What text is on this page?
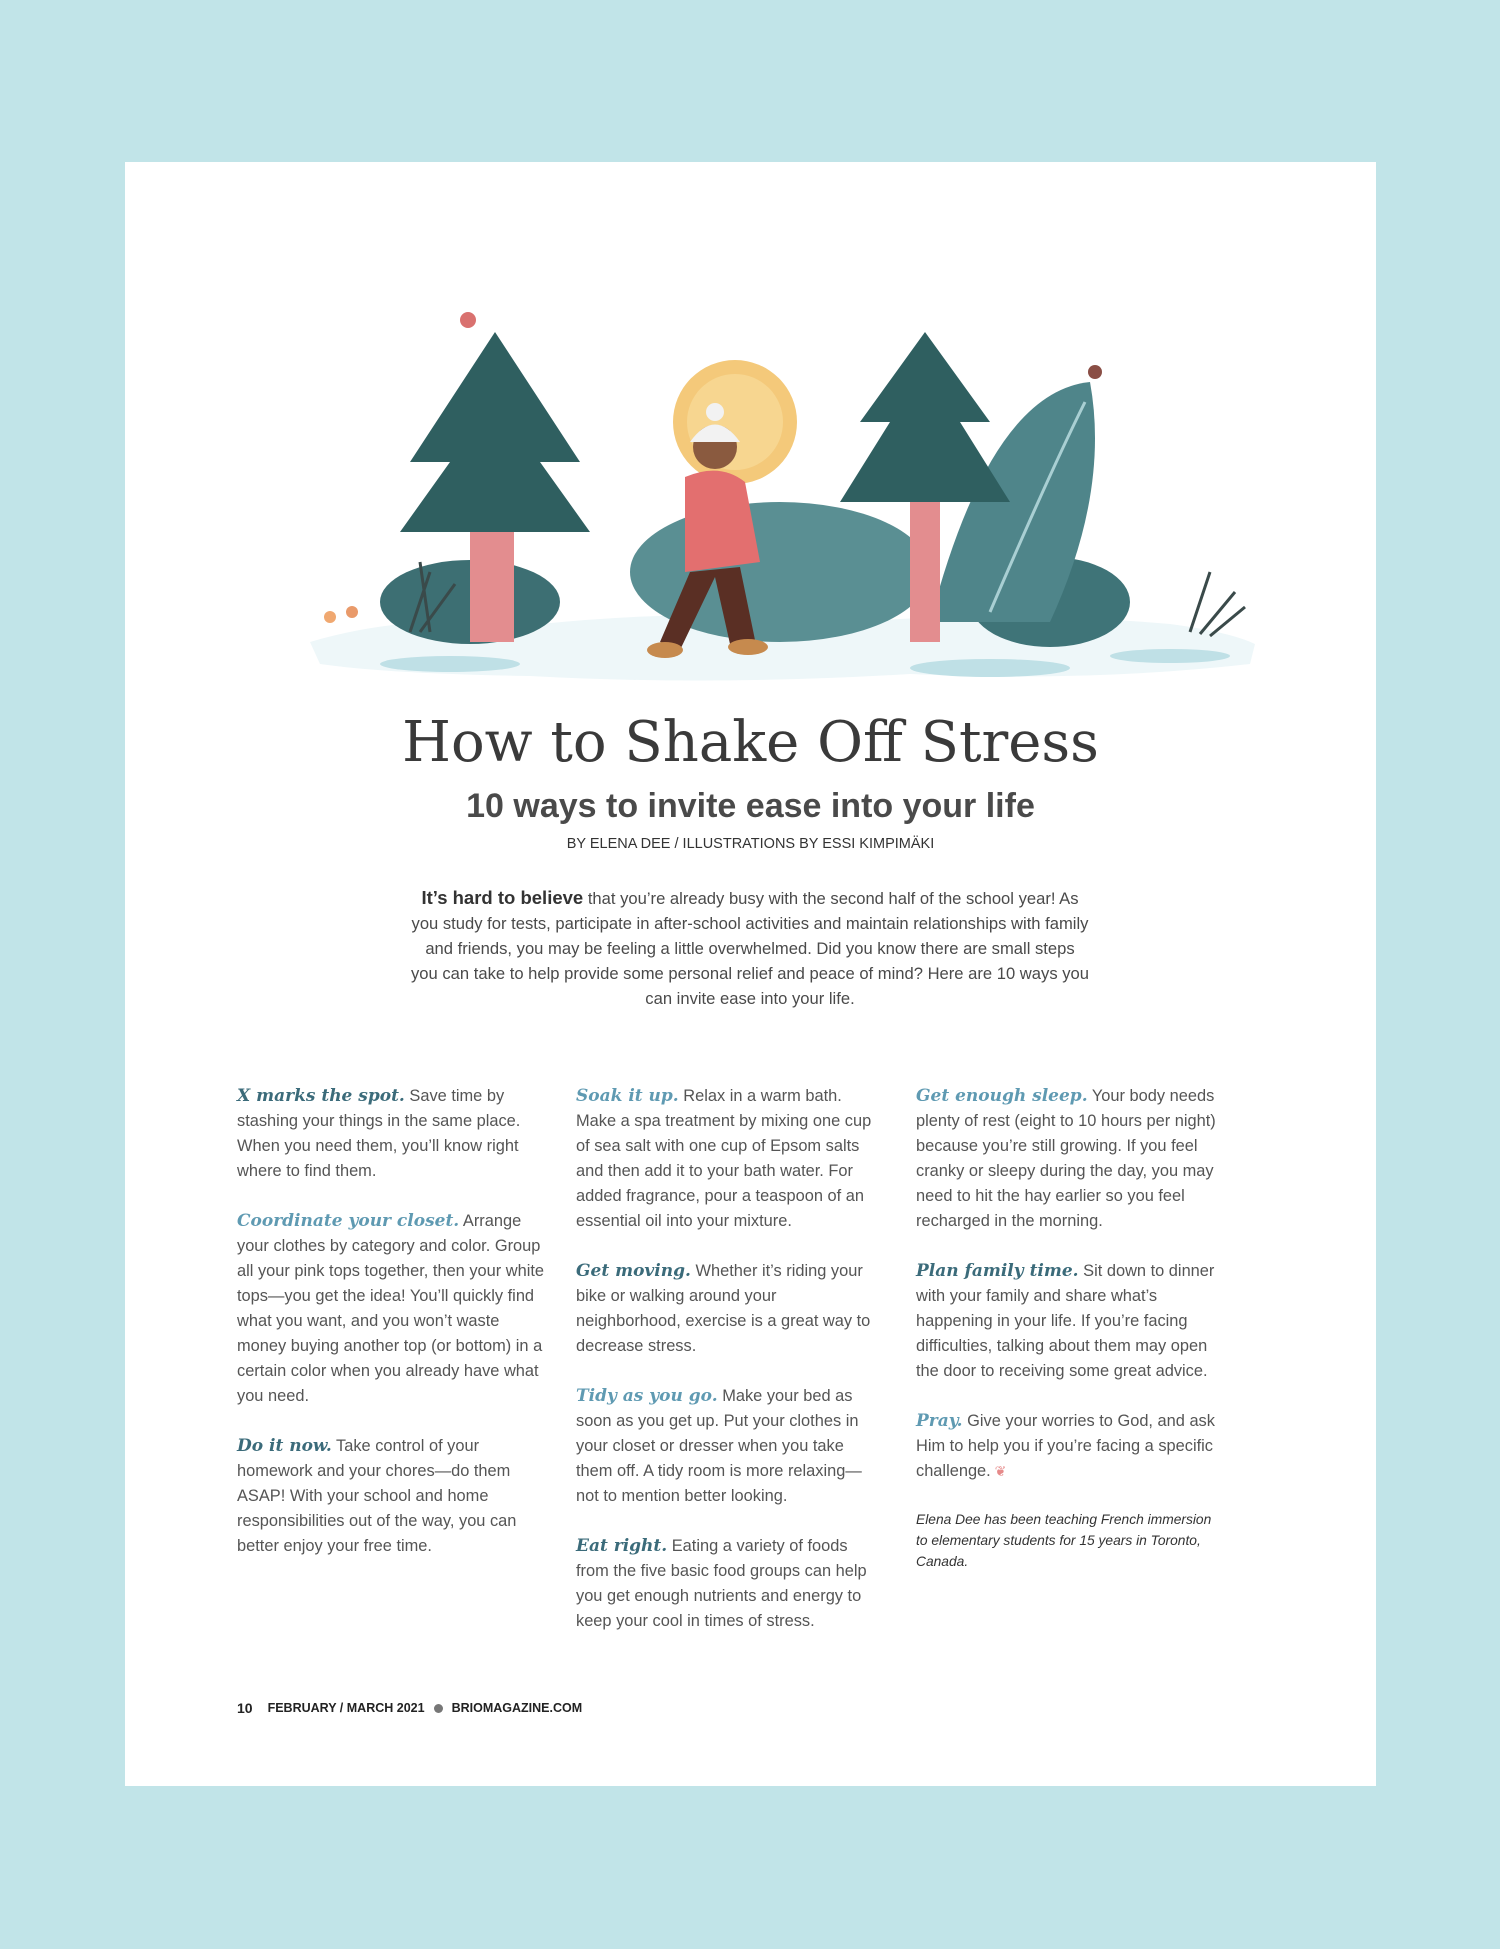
How to Shake Off Stress
10 ways to invite ease into your life

BY ELENA DEE / ILLUSTRATIONS BY ESSI KIMPIMÄKI

It’s hard to believe that you’re already busy with the second half of the school year! As you study for tests, participate in after-school activities and maintain relationships with family and friends, you may be feeling a little overwhelmed. Did you know there are small steps you can take to help provide some personal relief and peace of mind? Here are 10 ways you can invite ease into your life.

X marks the spot. Save time by stashing your things in the same place. When you need them, you’ll know right where to find them.

Coordinate your closet. Arrange your clothes by category and color. Group all your pink tops together, then your white tops—you get the idea! You’ll quickly find what you want, and you won’t waste money buying another top (or bottom) in a certain color when you already have what you need.

Do it now. Take control of your homework and your chores—do them ASAP! With your school and home responsibilities out of the way, you can better enjoy your free time.

Soak it up. Relax in a warm bath. Make a spa treatment by mixing one cup of sea salt with one cup of Epsom salts and then add it to your bath water. For added fragrance, pour a teaspoon of an essential oil into your mixture.

Get moving. Whether it’s riding your bike or walking around your neighborhood, exercise is a great way to decrease stress.

Tidy as you go. Make your bed as soon as you get up. Put your clothes in your closet or dresser when you take them off. A tidy room is more relaxing—not to mention better looking.

Eat right. Eating a variety of foods from the five basic food groups can help you get enough nutrients and energy to keep your cool in times of stress.

Get enough sleep. Your body needs plenty of rest (eight to 10 hours per night) because you’re still growing. If you feel cranky or sleepy during the day, you may need to hit the hay earlier so you feel recharged in the morning.

Plan family time. Sit down to dinner with your family and share what’s happening in your life. If you’re facing difficulties, talking about them may open the door to receiving some great advice.

Pray. Give your worries to God, and ask Him to help you if you’re facing a specific challenge. ❦

Elena Dee has been teaching French immersion to elementary students for 15 years in Toronto, Canada.
10 FEBRUARY / MARCH 2021 BRIOMAGAZINE.COM
